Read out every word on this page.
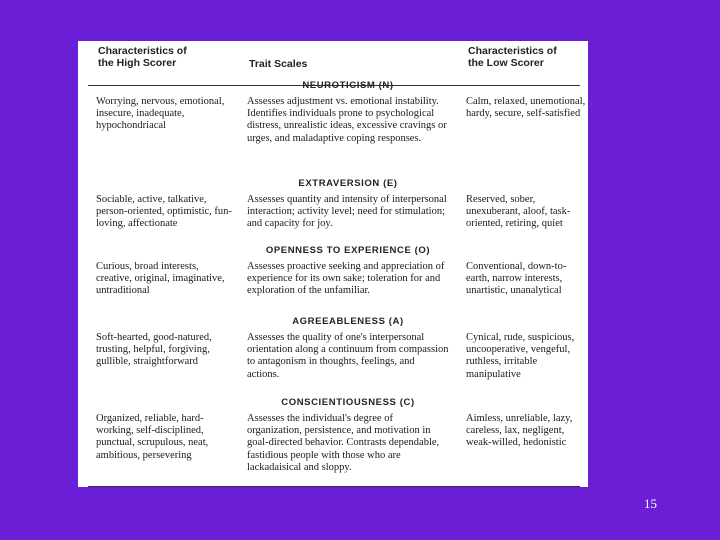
Characteristics of
the High Scorer	Trait Scales
Characteristics of
the Low Scorer
NEUROTICISM (N)
Worrying, nervous, emotional, insecure, inadequate, hypochondriacal
Assesses adjustment vs. emotional instability. Identifies individuals prone to psychological distress, unrealistic ideas, excessive cravings or urges, and maladaptive coping responses.
Calm, relaxed, unemotional, hardy, secure, self-satisfied
EXTRAVERSION (E)
Sociable, active, talkative, person-oriented, optimistic, fun-loving, affectionate
Assesses quantity and intensity of interpersonal interaction; activity level; need for stimulation; and capacity for joy.
Reserved, sober, unexuberant, aloof, task-oriented, retiring, quiet
OPENNESS TO EXPERIENCE (O)
Curious, broad interests, creative, original, imaginative, untraditional
Assesses proactive seeking and appreciation of experience for its own sake; toleration for and exploration of the unfamiliar.
Conventional, down-to-earth, narrow interests, unartistic, unanalytical
AGREEABLENESS (A)
Soft-hearted, good-natured, trusting, helpful, forgiving, gullible, straightforward
Assesses the quality of one's interpersonal orientation along a continuum from compassion to antagonism in thoughts, feelings, and actions.
Cynical, rude, suspicious, uncooperative, vengeful, ruthless, irritable manipulative
CONSCIENTIOUSNESS (C)
Organized, reliable, hard-working, self-disciplined, punctual, scrupulous, neat, ambitious, persevering
Assesses the individual's degree of organization, persistence, and motivation in goal-directed behavior. Contrasts dependable, fastidious people with those who are lackadaisical and sloppy.
Aimless, unreliable, lazy, careless, lax, negligent, weak-willed, hedonistic
15
